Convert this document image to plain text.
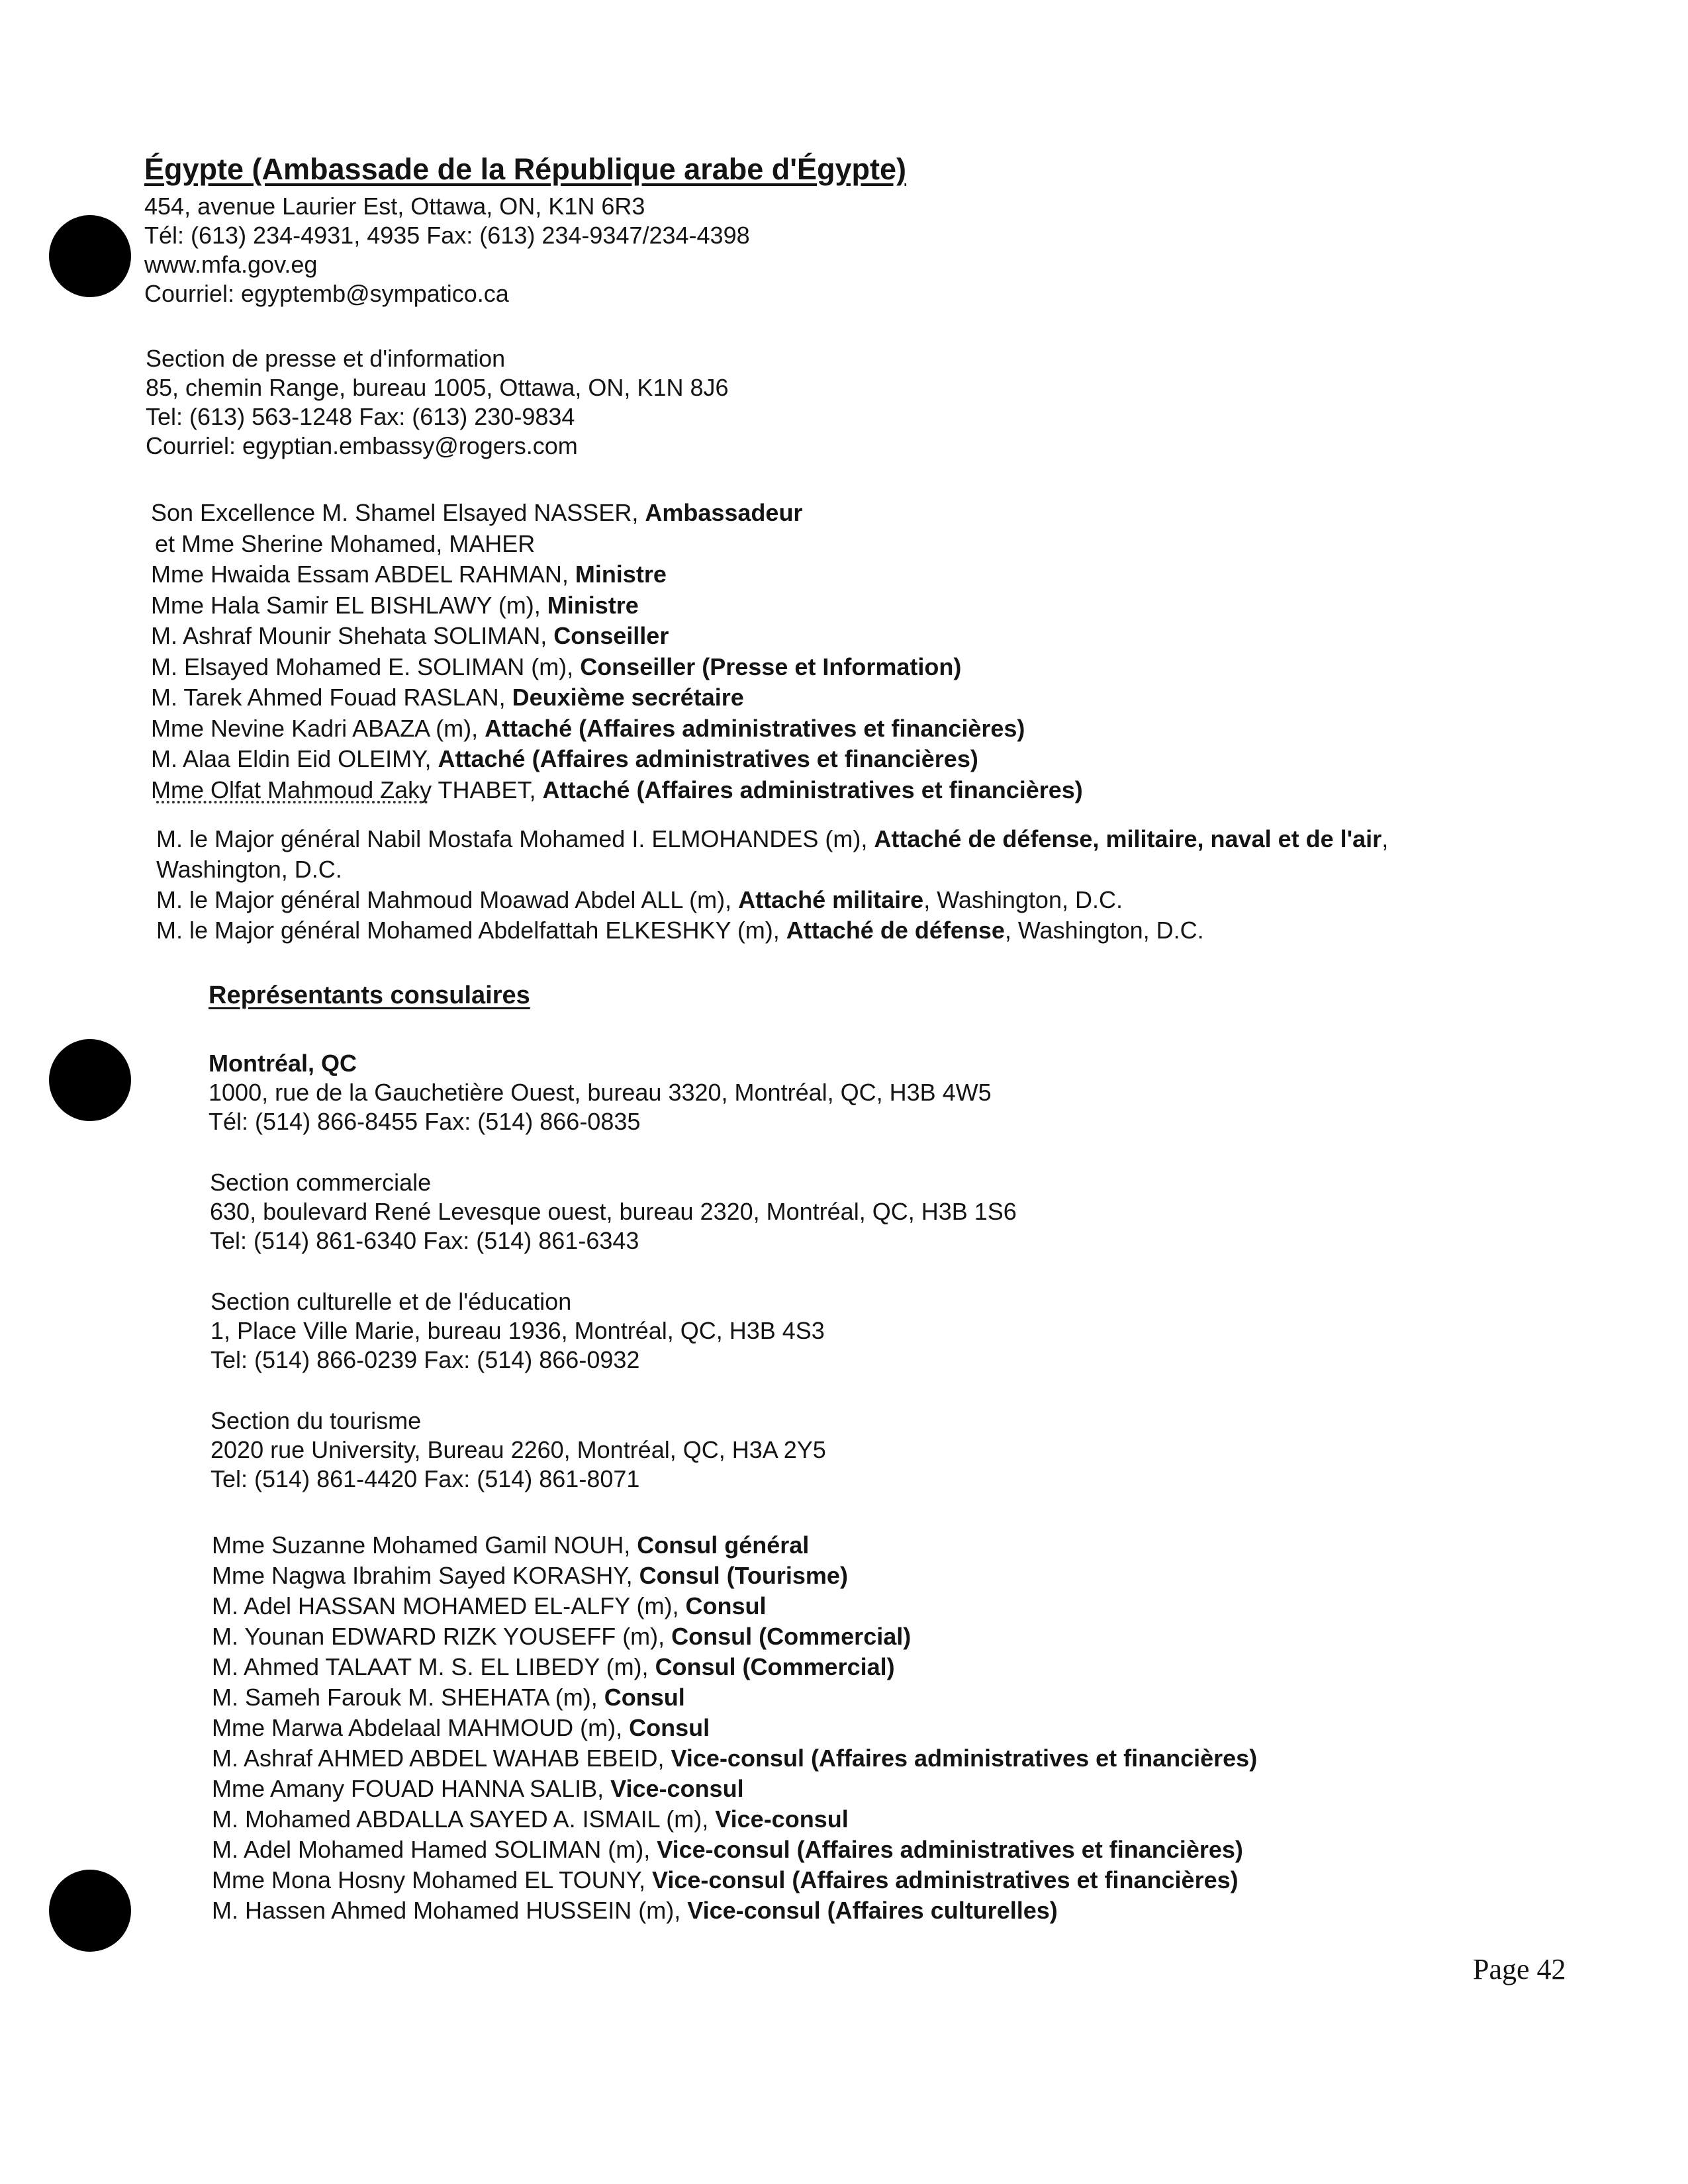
Égypte (Ambassade de la République arabe d'Égypte)
454, avenue Laurier Est, Ottawa, ON, K1N 6R3
Tél: (613) 234-4931, 4935 Fax: (613) 234-9347/234-4398
www.mfa.gov.eg
Courriel: egyptemb@sympatico.ca
Section de presse et d'information
85, chemin Range, bureau 1005, Ottawa, ON, K1N 8J6
Tel: (613) 563-1248 Fax: (613) 230-9834
Courriel: egyptian.embassy@rogers.com
Son Excellence M. Shamel Elsayed NASSER, Ambassadeur
et Mme Sherine Mohamed, MAHER
Mme Hwaida Essam ABDEL RAHMAN, Ministre
Mme Hala Samir EL BISHLAWY (m), Ministre
M. Ashraf Mounir Shehata SOLIMAN, Conseiller
M. Elsayed Mohamed E. SOLIMAN (m), Conseiller (Presse et Information)
M. Tarek Ahmed Fouad RASLAN, Deuxième secrétaire
Mme Nevine Kadri ABAZA (m), Attaché (Affaires administratives et financières)
M. Alaa Eldin Eid OLEIMY, Attaché (Affaires administratives et financières)
Mme Olfat Mahmoud Zaky THABET, Attaché (Affaires administratives et financières)
M. le Major général Nabil Mostafa Mohamed I. ELMOHANDES (m), Attaché de défense, militaire, naval et de l'air,
Washington, D.C.
M. le Major général Mahmoud Moawad Abdel ALL (m), Attaché militaire, Washington, D.C.
M. le Major général Mohamed Abdelfattah ELKESHKY (m), Attaché de défense, Washington, D.C.
Représentants consulaires
Montréal, QC
1000, rue de la Gauchetière Ouest, bureau 3320, Montréal, QC, H3B 4W5
Tél: (514) 866-8455 Fax: (514) 866-0835
Section commerciale
630, boulevard René Levesque ouest, bureau 2320, Montréal, QC, H3B 1S6
Tel: (514) 861-6340 Fax: (514) 861-6343
Section culturelle et de l'éducation
1, Place Ville Marie, bureau 1936, Montréal, QC, H3B 4S3
Tel: (514) 866-0239 Fax: (514) 866-0932
Section du tourisme
2020 rue University, Bureau 2260, Montréal, QC, H3A 2Y5
Tel: (514) 861-4420 Fax: (514) 861-8071
Mme Suzanne Mohamed Gamil NOUH, Consul général
Mme Nagwa Ibrahim Sayed KORASHY, Consul (Tourisme)
M. Adel HASSAN MOHAMED EL-ALFY (m), Consul
M. Younan EDWARD RIZK YOUSEFF (m), Consul (Commercial)
M. Ahmed TALAAT M. S. EL LIBEDY (m), Consul (Commercial)
M. Sameh Farouk M. SHEHATA (m), Consul
Mme Marwa Abdelaal MAHMOUD (m), Consul
M. Ashraf AHMED ABDEL WAHAB EBEID, Vice-consul (Affaires administratives et financières)
Mme Amany FOUAD HANNA SALIB, Vice-consul
M. Mohamed ABDALLA SAYED A. ISMAIL (m), Vice-consul
M. Adel Mohamed Hamed SOLIMAN (m), Vice-consul (Affaires administratives et financières)
Mme Mona Hosny Mohamed EL TOUNY, Vice-consul (Affaires administratives et financières)
M. Hassen Ahmed Mohamed HUSSEIN (m), Vice-consul (Affaires culturelles)
Page 42
